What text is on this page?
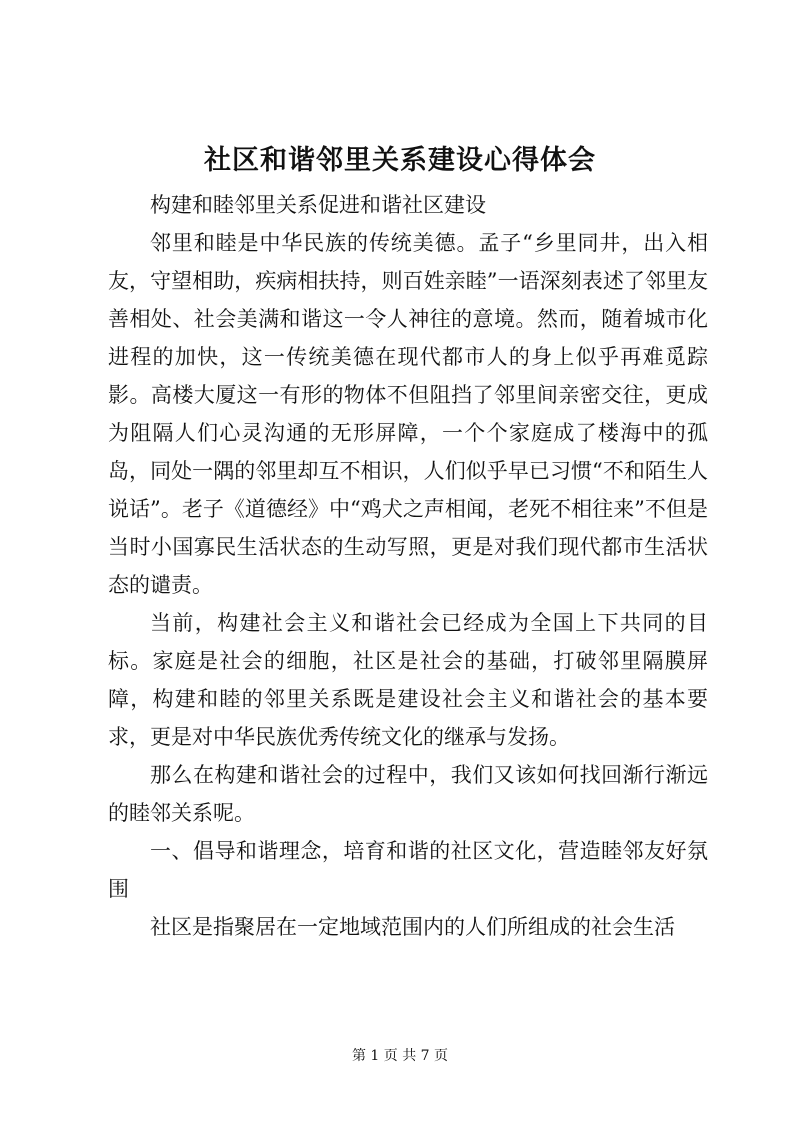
社区和谐邻里关系建设心得体会

构建和睦邻里关系促进和谐社区建设

邻里和睦是中华民族的传统美德。孟子“乡里同井，出入相友，守望相助，疾病相扶持，则百姓亲睦”一语深刻表述了邻里友善相处、社会美满和谐这一令人神往的意境。然而，随着城市化进程的加快，这一传统美德在现代都市人的身上似乎再难觅踪影。高楼大厦这一有形的物体不但阻挡了邻里间亲密交往，更成为阻隔人们心灵沟通的无形屏障，一个个家庭成了楼海中的孤岛，同处一隅的邻里却互不相识，人们似乎早已习惯“不和陌生人说话”。老子《道德经》中“鸡犬之声相闻，老死不相往来”不但是当时小国寡民生活状态的生动写照，更是对我们现代都市生活状态的谴责。

当前，构建社会主义和谐社会已经成为全国上下共同的目标。家庭是社会的细胞，社区是社会的基础，打破邻里隔膜屏障，构建和睦的邻里关系既是建设社会主义和谐社会的基本要求，更是对中华民族优秀传统文化的继承与发扬。

那么在构建和谐社会的过程中，我们又该如何找回渐行渐远的睦邻关系呢。

一、倡导和谐理念，培育和谐的社区文化，营造睦邻友好氛围

社区是指聚居在一定地域范围内的人们所组成的社会生活

第 1 页 共 7 页
